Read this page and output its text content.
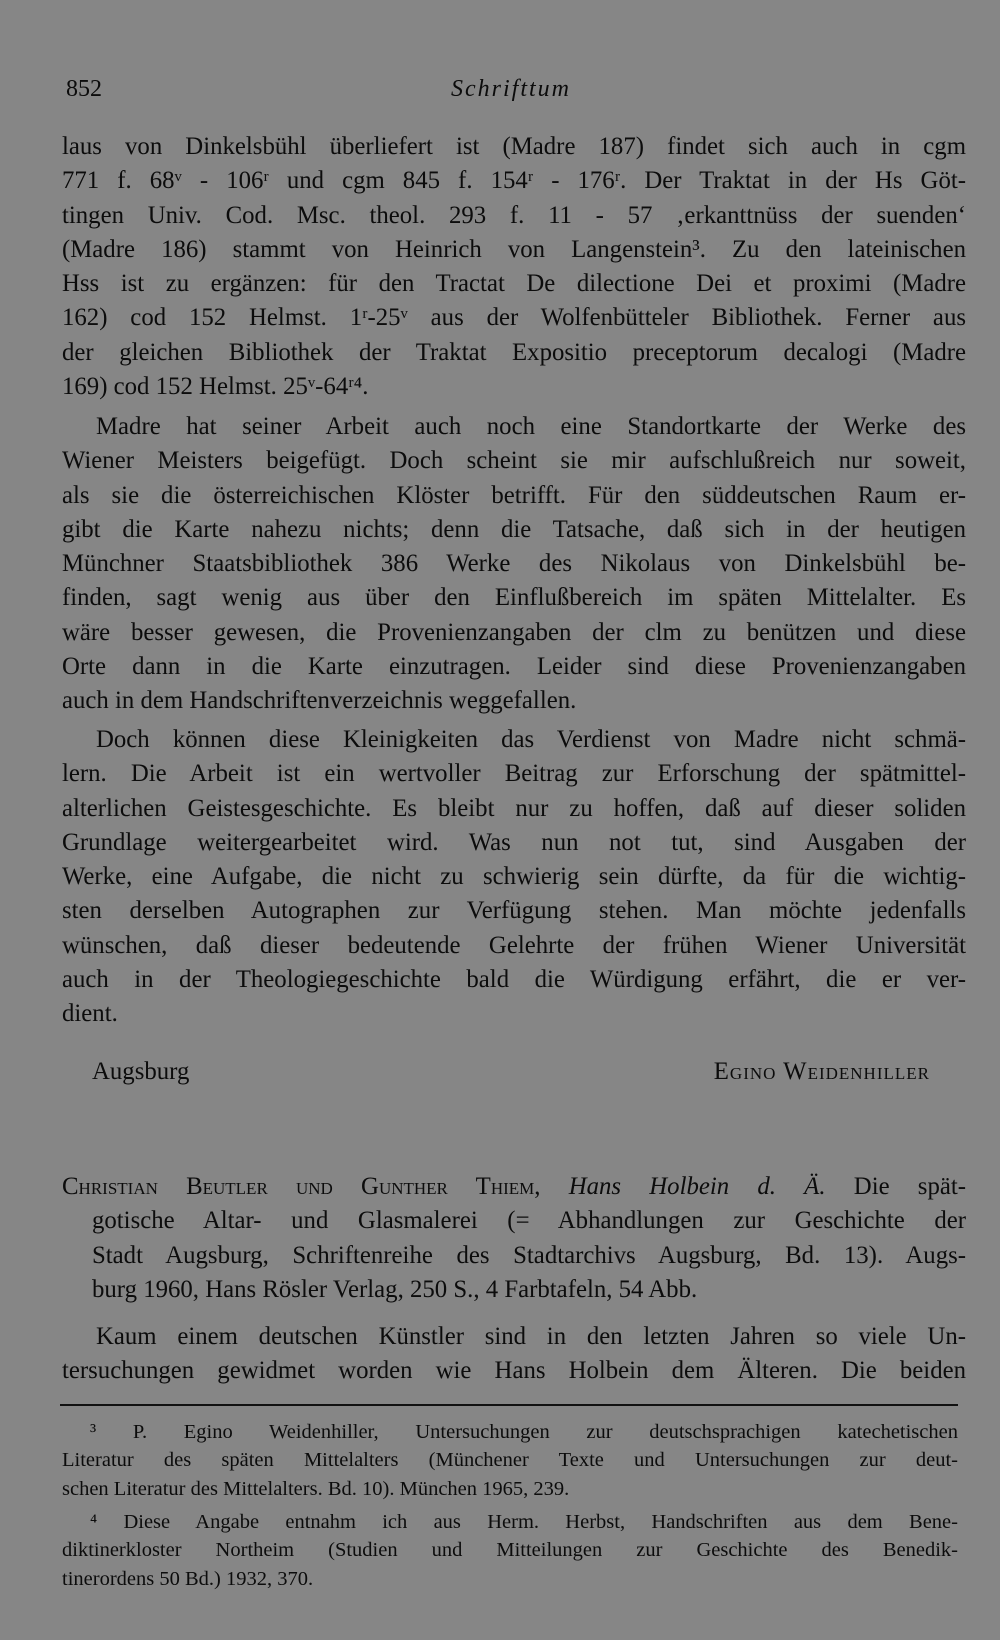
852	Schrifttum
laus von Dinkelsbühl überliefert ist (Madre 187) findet sich auch in cgm
771 f. 68ᵛ - 106ʳ und cgm 845 f. 154ʳ - 176ʳ. Der Traktat in der Hs Göt-
tingen Univ. Cod. Msc. theol. 293 f. 11 - 57 ‚erkanttnüss der suenden‘
(Madre 186) stammt von Heinrich von Langenstein³. Zu den lateinischen
Hss ist zu ergänzen: für den Tractat De dilectione Dei et proximi (Madre
162) cod 152 Helmst. 1ʳ-25ᵛ aus der Wolfenbütteler Bibliothek. Ferner aus
der gleichen Bibliothek der Traktat Expositio preceptorum decalogi (Madre
169) cod 152 Helmst. 25ᵛ-64ʳ⁴.
Madre hat seiner Arbeit auch noch eine Standortkarte der Werke des
Wiener Meisters beigefügt. Doch scheint sie mir aufschlußreich nur soweit,
als sie die österreichischen Klöster betrifft. Für den süddeutschen Raum er-
gibt die Karte nahezu nichts; denn die Tatsache, daß sich in der heutigen
Münchner Staatsbibliothek 386 Werke des Nikolaus von Dinkelsbühl be-
finden, sagt wenig aus über den Einflußbereich im späten Mittelalter. Es
wäre besser gewesen, die Provenienzangaben der clm zu benützen und diese
Orte dann in die Karte einzutragen. Leider sind diese Provenienzangaben
auch in dem Handschriftenverzeichnis weggefallen.
Doch können diese Kleinigkeiten das Verdienst von Madre nicht schmä-
lern. Die Arbeit ist ein wertvoller Beitrag zur Erforschung der spätmittel-
alterlichen Geistesgeschichte. Es bleibt nur zu hoffen, daß auf dieser soliden
Grundlage weitergearbeitet wird. Was nun not tut, sind Ausgaben der
Werke, eine Aufgabe, die nicht zu schwierig sein dürfte, da für die wichtig-
sten derselben Autographen zur Verfügung stehen. Man möchte jedenfalls
wünschen, daß dieser bedeutende Gelehrte der frühen Wiener Universität
auch in der Theologiegeschichte bald die Würdigung erfährt, die er ver-
dient.
Augsburg	Egino Weidenhiller
Christian Beutler und Gunther Thiem, Hans Holbein d. Ä. Die spät-
gotische Altar- und Glasmalerei (= Abhandlungen zur Geschichte der
Stadt Augsburg, Schriftenreihe des Stadtarchivs Augsburg, Bd. 13). Augs-
burg 1960, Hans Rösler Verlag, 250 S., 4 Farbtafeln, 54 Abb.
Kaum einem deutschen Künstler sind in den letzten Jahren so viele Un-
tersuchungen gewidmet worden wie Hans Holbein dem Älteren. Die beiden
³ P. Egino Weidenhiller, Untersuchungen zur deutschsprachigen katechetischen
Literatur des späten Mittelalters (Münchener Texte und Untersuchungen zur deut-
schen Literatur des Mittelalters. Bd. 10). München 1965, 239.
⁴ Diese Angabe entnahm ich aus Herm. Herbst, Handschriften aus dem Bene-
diktinerkloster Northeim (Studien und Mitteilungen zur Geschichte des Benedik-
tinerordens 50 Bd.) 1932, 370.
